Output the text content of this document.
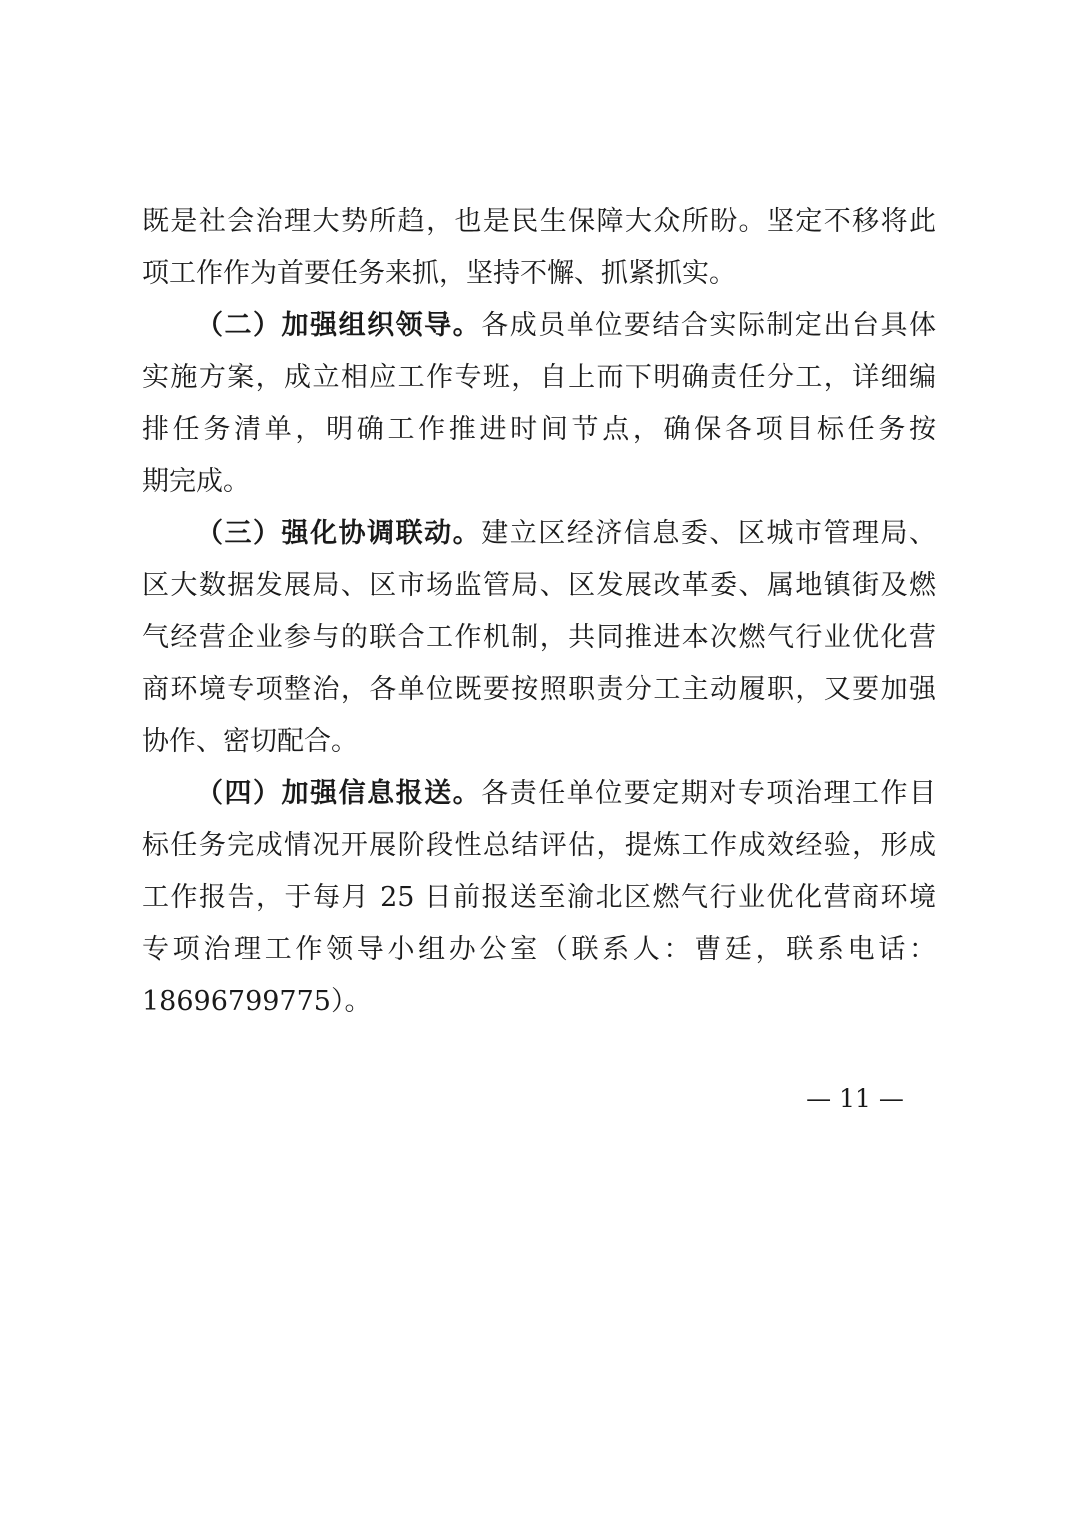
既是社会治理大势所趋，也是民生保障大众所盼。坚定不移将此
项工作作为首要任务来抓，坚持不懈、抓紧抓实。
（二）加强组织领导。各成员单位要结合实际制定出台具体
实施方案，成立相应工作专班，自上而下明确责任分工，详细编
排任务清单，明确工作推进时间节点，确保各项目标任务按
期完成。
（三）强化协调联动。建立区经济信息委、区城市管理局、
区大数据发展局、区市场监管局、区发展改革委、属地镇街及燃
气经营企业参与的联合工作机制，共同推进本次燃气行业优化营
商环境专项整治，各单位既要按照职责分工主动履职，又要加强
协作、密切配合。
（四）加强信息报送。各责任单位要定期对专项治理工作目
标任务完成情况开展阶段性总结评估，提炼工作成效经验，形成
工作报告，于每月 25 日前报送至渝北区燃气行业优化营商环境
专项治理工作领导小组办公室（联系人：曹廷，联系电话：
18696799775）。
— 11 —
